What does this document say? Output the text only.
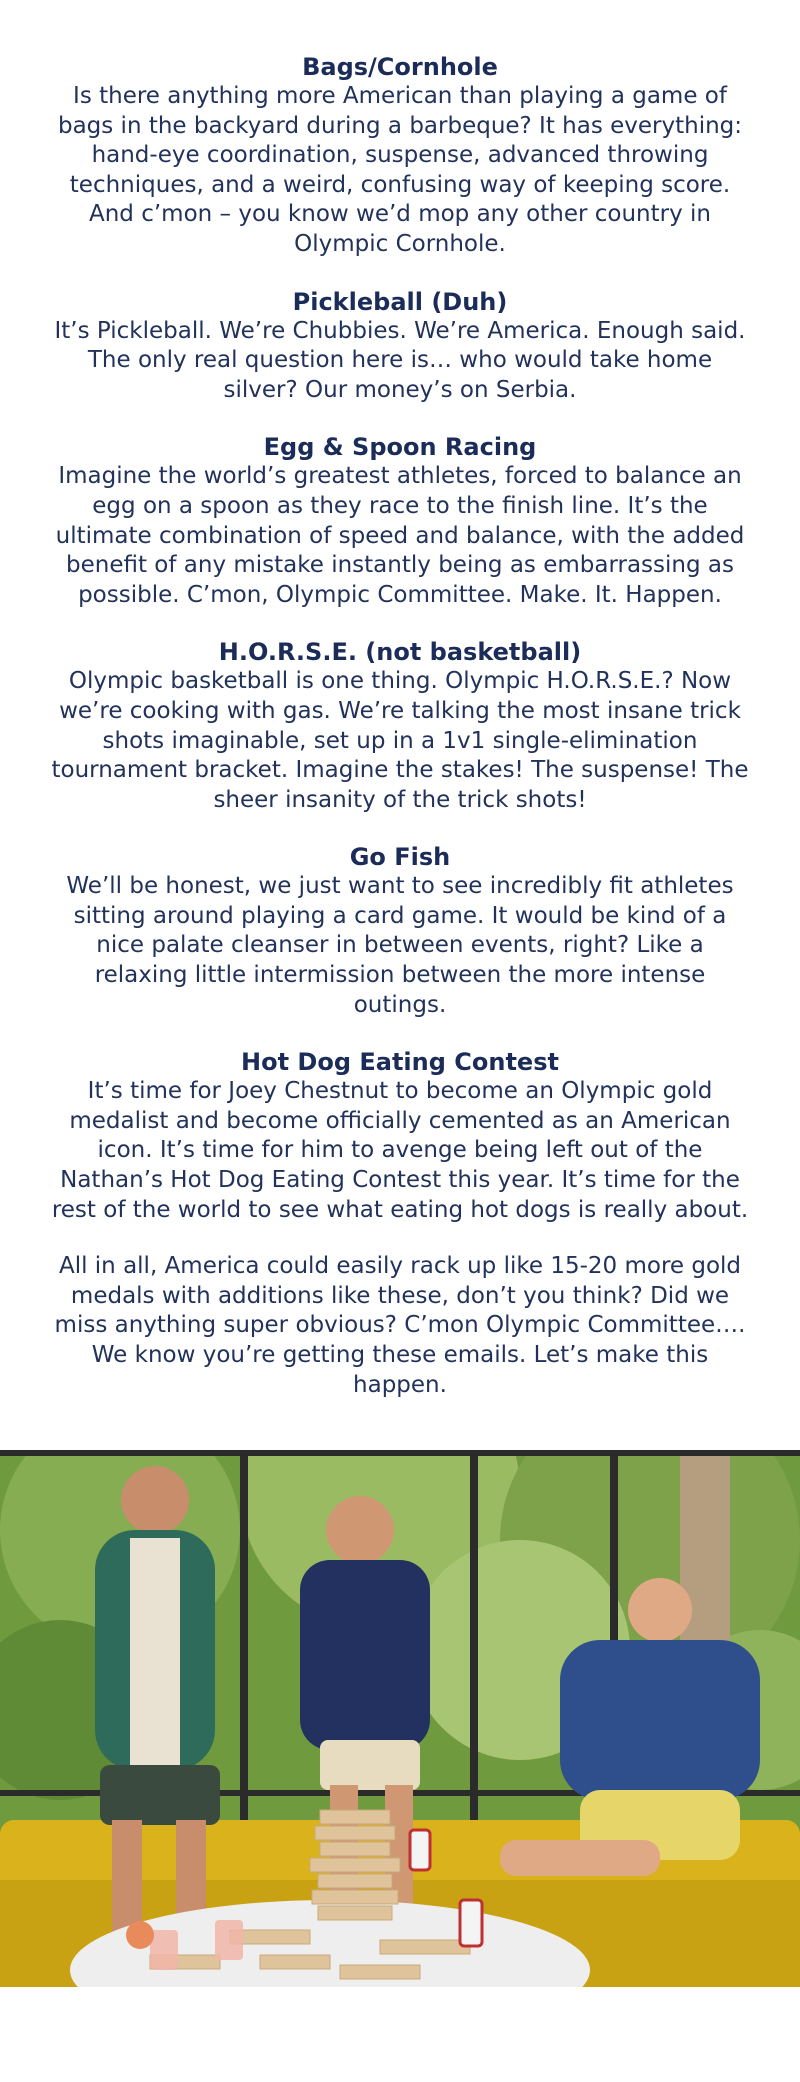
Bags/Cornhole

Is there anything more American than playing a game of bags in the backyard during a barbeque? It has everything: hand-eye coordination, suspense, advanced throwing techniques, and a weird, confusing way of keeping score. And c’mon – you know we’d mop any other country in Olympic Cornhole.

Pickleball (Duh)

It’s Pickleball. We’re Chubbies. We’re America. Enough said. The only real question here is… who would take home silver? Our money’s on Serbia.

Egg & Spoon Racing

Imagine the world’s greatest athletes, forced to balance an egg on a spoon as they race to the finish line. It’s the ultimate combination of speed and balance, with the added benefit of any mistake instantly being as embarrassing as possible. C’mon, Olympic Committee. Make. It. Happen.

H.O.R.S.E. (not basketball)

Olympic basketball is one thing. Olympic H.O.R.S.E.? Now we’re cooking with gas. We’re talking the most insane trick shots imaginable, set up in a 1v1 single-elimination tournament bracket. Imagine the stakes! The suspense! The sheer insanity of the trick shots!

Go Fish

We’ll be honest, we just want to see incredibly fit athletes sitting around playing a card game. It would be kind of a nice palate cleanser in between events, right? Like a relaxing little intermission between the more intense outings.

Hot Dog Eating Contest

It’s time for Joey Chestnut to become an Olympic gold medalist and become officially cemented as an American icon. It’s time for him to avenge being left out of the Nathan’s Hot Dog Eating Contest this year. It’s time for the rest of the world to see what eating hot dogs is really about.

All in all, America could easily rack up like 15-20 more gold medals with additions like these, don’t you think? Did we miss anything super obvious? C’mon Olympic Committee…. We know you’re getting these emails. Let’s make this happen.
